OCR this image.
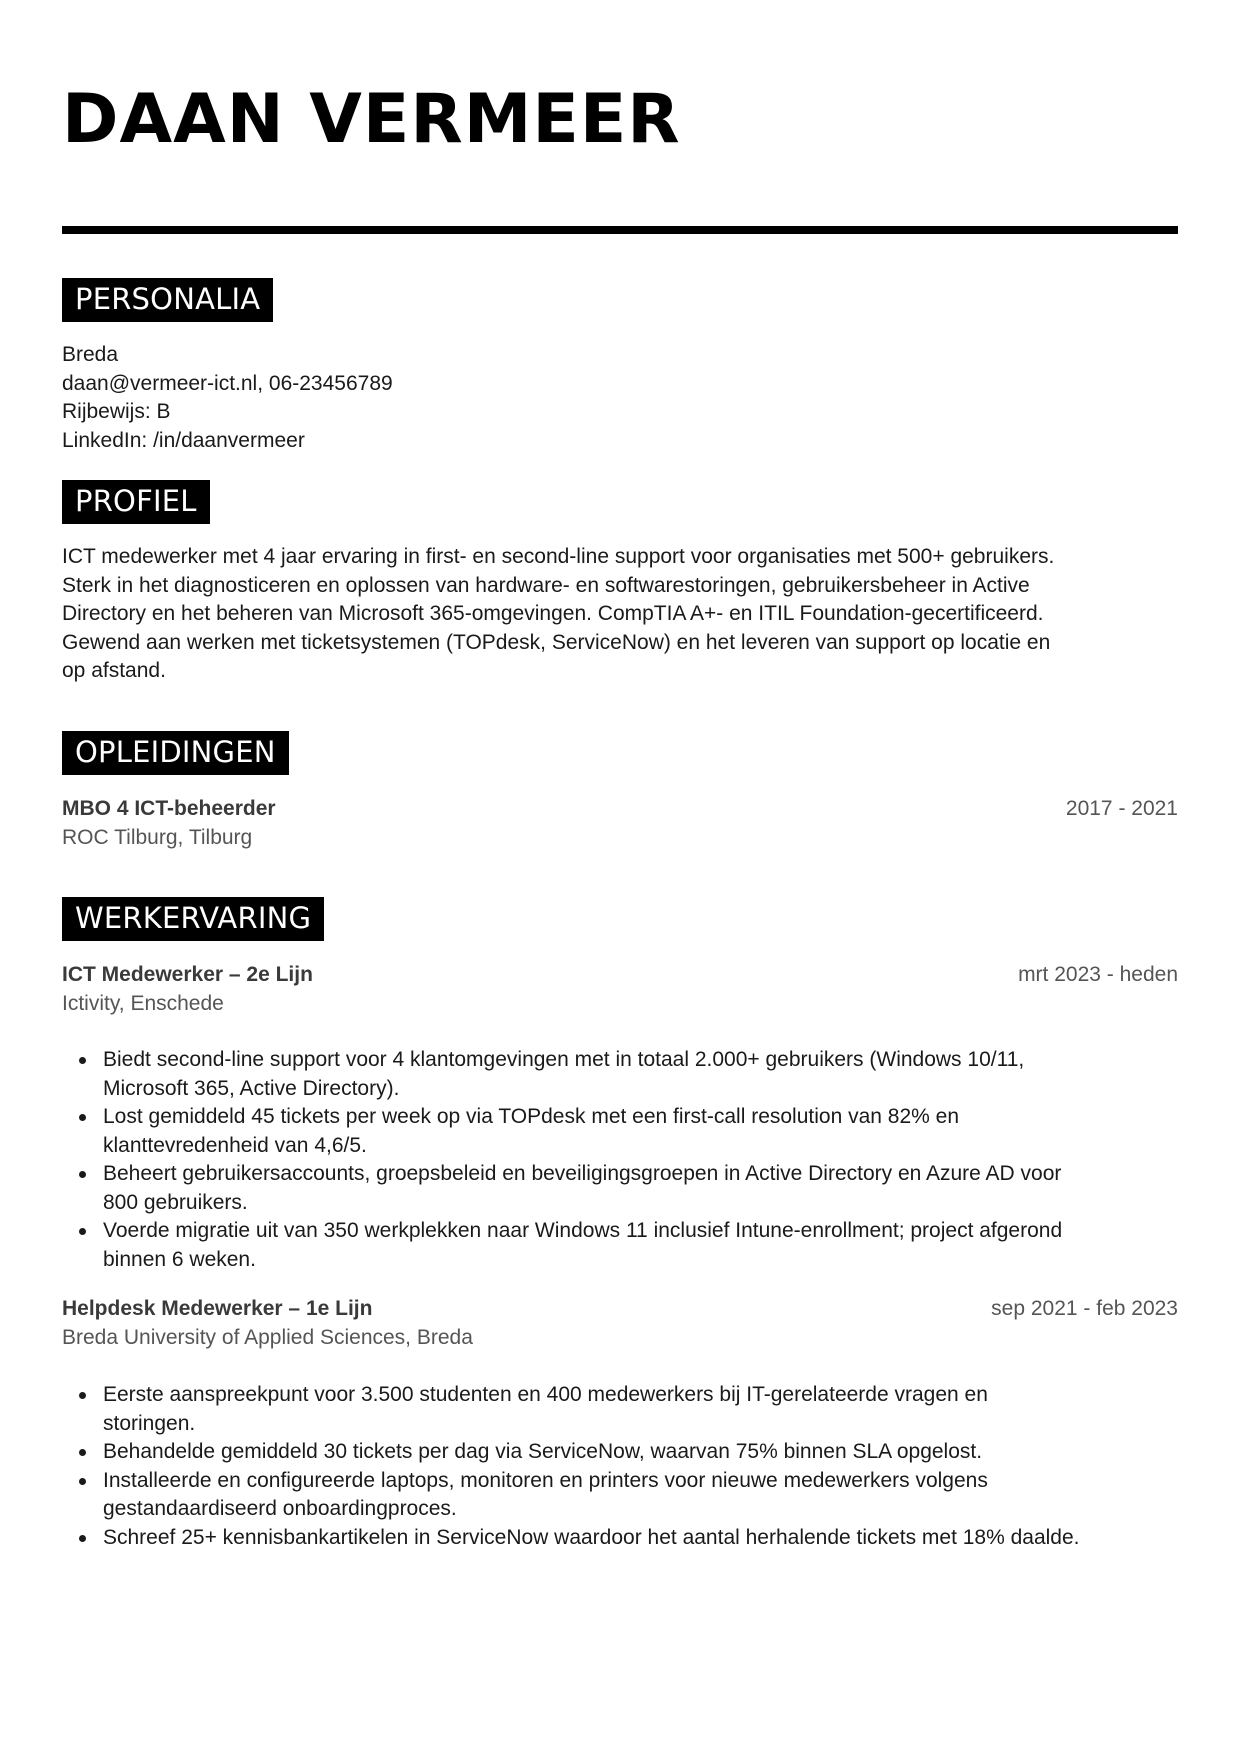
DAAN VERMEER
PERSONALIA

Breda

daan@vermeer-ict.nl, 06-23456789

Rijbewijs: B

LinkedIn: /in/daanvermeer

PROFIEL

ICT medewerker met 4 jaar ervaring in first- en second-line support voor organisaties met 500+ gebruikers.

Sterk in het diagnosticeren en oplossen van hardware- en softwarestoringen, gebruikersbeheer in Active

Directory en het beheren van Microsoft 365-omgevingen. CompTIA A+- en ITIL Foundation-gecertificeerd.

Gewend aan werken met ticketsystemen (TOPdesk, ServiceNow) en het leveren van support op locatie en

op afstand.

OPLEIDINGEN
MBO 4 ICT-beheerder	2017 - 2021

ROC Tilburg, Tilburg

WERKERVARING
ICT Medewerker – 2e Lijn	mrt 2023 - heden

Ictivity, Enschede

Biedt second-line support voor 4 klantomgevingen met in totaal 2.000+ gebruikers (Windows 10/11,

Microsoft 365, Active Directory).

Lost gemiddeld 45 tickets per week op via TOPdesk met een first-call resolution van 82% en

klanttevredenheid van 4,6/5.

Beheert gebruikersaccounts, groepsbeleid en beveiligingsgroepen in Active Directory en Azure AD voor

800 gebruikers.

Voerde migratie uit van 350 werkplekken naar Windows 11 inclusief Intune-enrollment; project afgerond

binnen 6 weken.

Helpdesk Medewerker – 1e Lijn	sep 2021 - feb 2023

Breda University of Applied Sciences, Breda

Eerste aanspreekpunt voor 3.500 studenten en 400 medewerkers bij IT-gerelateerde vragen en

storingen.

Behandelde gemiddeld 30 tickets per dag via ServiceNow, waarvan 75% binnen SLA opgelost.

Installeerde en configureerde laptops, monitoren en printers voor nieuwe medewerkers volgens

gestandaardiseerd onboardingproces.

Schreef 25+ kennisbankartikelen in ServiceNow waardoor het aantal herhalende tickets met 18% daalde.
